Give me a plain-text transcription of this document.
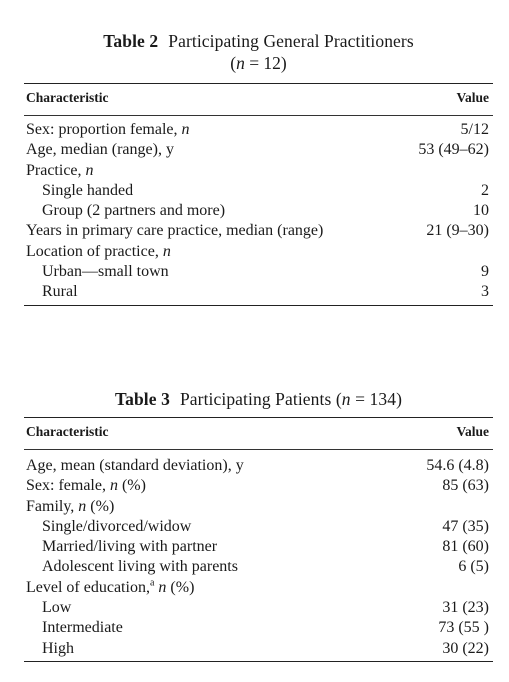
Table 2 Participating General Practitioners
(n = 12)
Characteristic	Value
Sex: proportion female, n	5/12
Age, median (range), y	53 (49–62)
Practice, n
Single handed	2
Group (2 partners and more)	10
Years in primary care practice, median (range)	21 (9–30)
Location of practice, n
Urban—small town	9
Rural	3
Table 3 Participating Patients (n = 134)
Characteristic	Value
Age, mean (standard deviation), y	54.6 (4.8)
Sex: female, n (%)	85 (63)
Family, n (%)
Single/divorced/widow	47 (35)
Married/living with partner	81 (60)
Adolescent living with parents	6 (5)
Level of education,$^a$ n (%)
Low	31 (23)
Intermediate	73 (55 )
High	30 (22)
